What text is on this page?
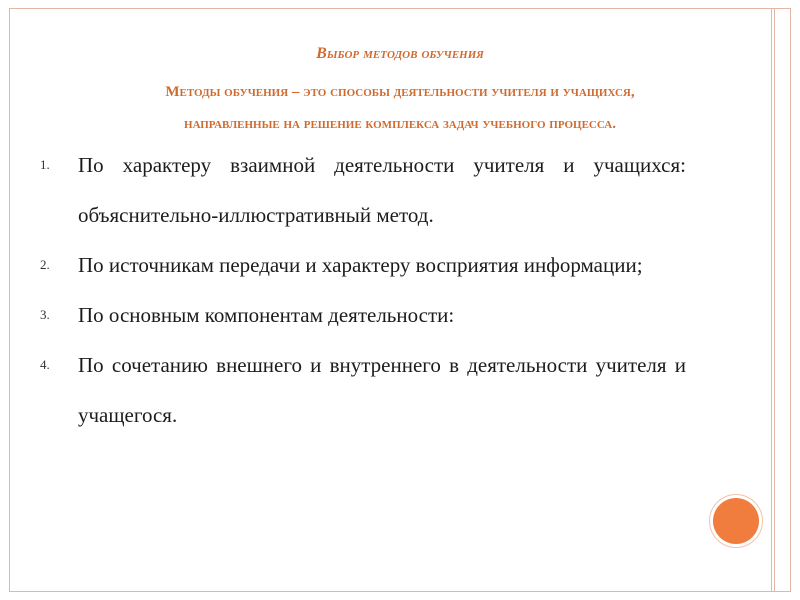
Выбор методов обучения

Методы обучения – это способы деятельности учителя и учащихся,
направленные на решение комплекса задач учебного процесса.
1. По характеру взаимной деятельности учителя и учащихся: объяснительно-иллюстративный метод.
2. По источникам передачи и характеру восприятия информации;
3. По основным компонентам деятельности:
4. По сочетанию внешнего и внутреннего в деятельности учителя и учащегося.
